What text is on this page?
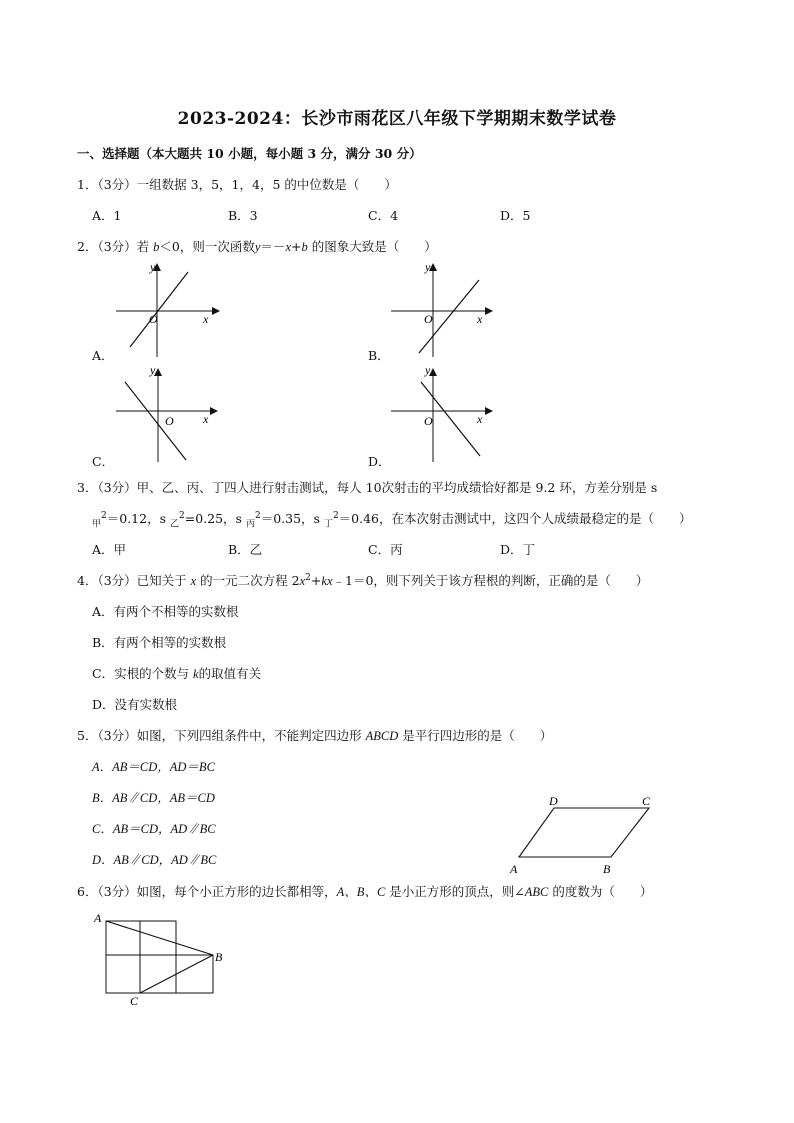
2023-2024：长沙市雨花区八年级下学期期末数学试卷
一、选择题（本大题共 10 小题，每小题 3 分，满分 30 分）
1．（3分）一组数据 3，5，1，4，5 的中位数是（　　）
A．1	B．3	C．4	D．5
2．（3分）若 b＜0，则一次函数y＝－x+b 的图象大致是（　　）
y
x
O
A．
y
x
O
B．
y
x
O
C．
y
x
O
D．
3．（3分）甲、乙、丙、丁四人进行射击测试，每人 10次射击的平均成绩恰好都是 9.2 环，方差分别是 s
$_甲^2$＝0.12，s $_乙^2$=0.25，s $_丙^2$＝0.35，s $_丁^2$＝0.46，在本次射击测试中，这四个人成绩最稳定的是（　　）
A．甲	B．乙	C．丙	D．丁
4．（3分）已知关于 x 的一元二次方程 $2x^2+kx﹣1=0$，则下列关于该方程根的判断，正确的是（　　）
A．有两个不相等的实数根
B．有两个相等的实数根
C．实根的个数与 k的取值有关
D．没有实数根
5．（3分）如图，下列四组条件中，不能判定四边形 ABCD 是平行四边形的是（　　）
A．AB＝CD，AD＝BC
B．AB∥CD，AB＝CD
C．AB＝CD，AD∥BC
D．AB∥CD，AD∥BC
A	B
C
D
6．（3分）如图，每个小正方形的边长都相等，A、B、C 是小正方形的顶点，则∠ABC 的度数为（　　）
A
B
C
